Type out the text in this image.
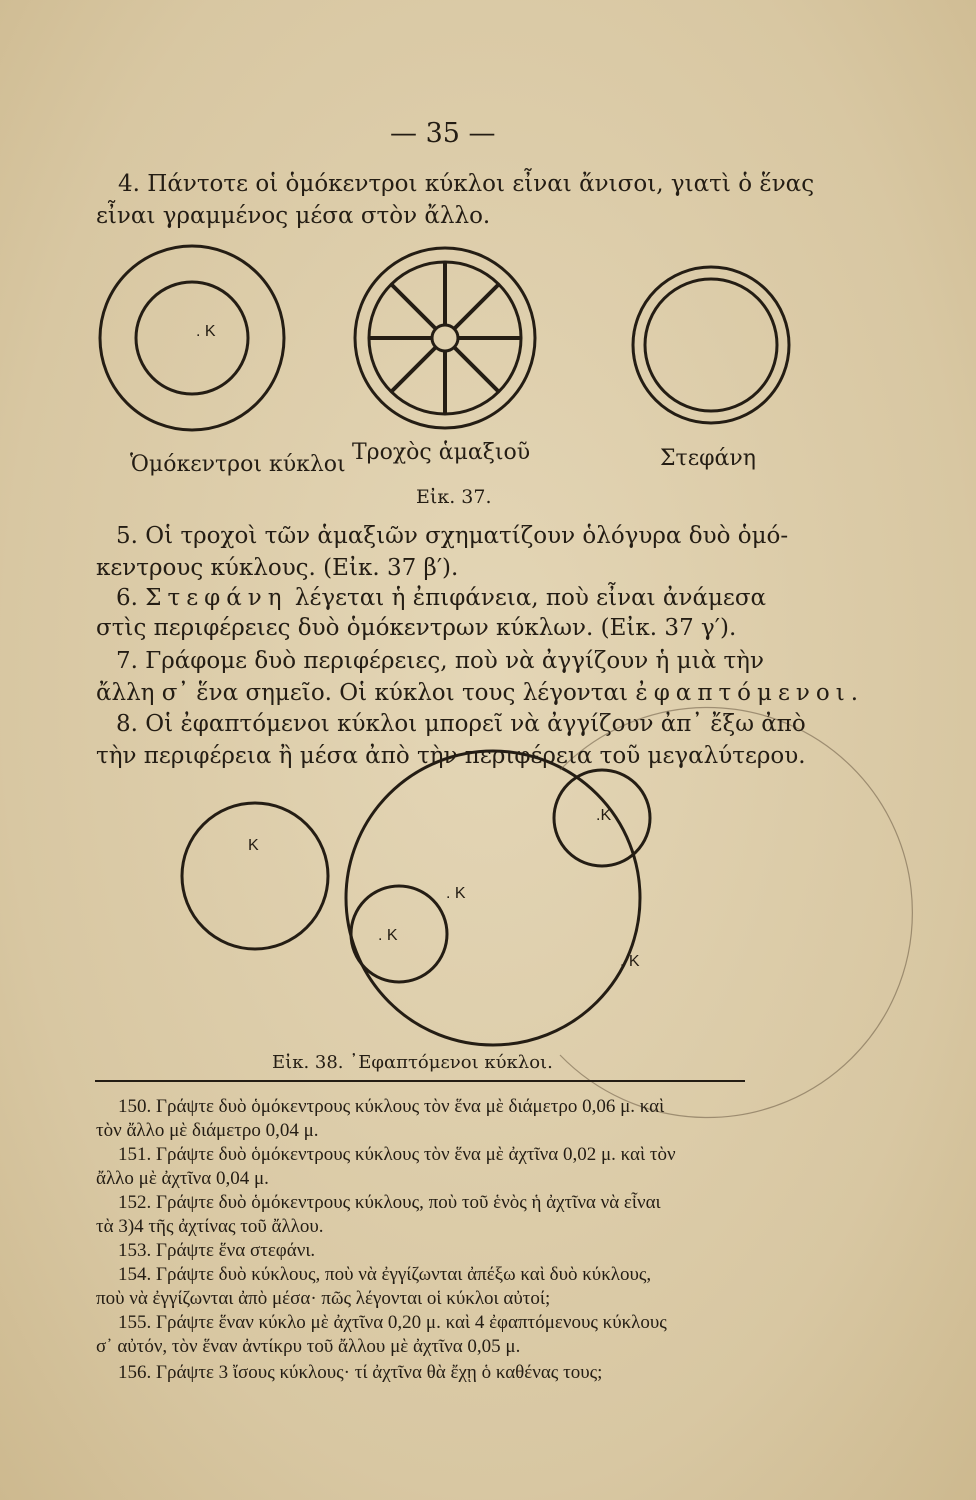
— 35 —
4. Πάντοτε οἱ ὁμόκεντροι κύκλοι εἶναι ἄνισοι, γιατὶ ὁ ἕνας
εἶναι γραμμένος μέσα στὸν ἄλλο.
. K
K
. K
. K
.K
. K
Ὁμόκεντροι κύκλοι Τροχὸς ἁμαξιοῦ	Στεφάνη
Εἰκ. 37.
5. Οἱ τροχοὶ τῶν ἁμαξιῶν σχηματίζουν ὁλόγυρα δυὸ ὁμό-
κεντρους κύκλους. (Εἰκ. 37 β′).
6. Στεφάνη λέγεται ἡ ἐπιφάνεια, ποὺ εἶναι ἀνάμεσα
στὶς περιφέρειες δυὸ ὁμόκεντρων κύκλων. (Εἰκ. 37 γ′).
7. Γράφομε δυὸ περιφέρειες, ποὺ νὰ ἀγγίζουν ἡ μιὰ τὴν
ἄλλη σ᾿ ἕνα σημεῖο. Οἱ κύκλοι τους λέγονται ἐφαπτόμενοι.
8. Οἱ ἐφαπτόμενοι κύκλοι μπορεῖ νὰ ἀγγίζουν ἀπ᾿ ἔξω ἀπὸ
τὴν περιφέρεια ἢ μέσα ἀπὸ τὴν περιφέρεια τοῦ μεγαλύτερου.
Εἰκ. 38. ᾿Εφαπτόμενοι κύκλοι.
150. Γράψτε δυὸ ὁμόκεντρους κύκλους τὸν ἕνα μὲ διάμετρο 0,06 μ. καὶ
τὸν ἄλλο μὲ διάμετρο 0,04 μ.
151. Γράψτε δυὸ ὁμόκεντρους κύκλους τὸν ἕνα μὲ ἀχτῖνα 0,02 μ. καὶ τὸν
ἄλλο μὲ ἀχτῖνα 0,04 μ.
152. Γράψτε δυὸ ὁμόκεντρους κύκλους, ποὺ τοῦ ἑνὸς ἡ ἀχτῖνα νὰ εἶναι
τὰ 3)4 τῆς ἀχτίνας τοῦ ἄλλου.
153. Γράψτε ἕνα στεφάνι.
154. Γράψτε δυὸ κύκλους, ποὺ νὰ ἐγγίζωνται ἀπέξω καὶ δυὸ κύκλους,
ποὺ νὰ ἐγγίζωνται ἀπὸ μέσα· πῶς λέγονται οἱ κύκλοι αὐτοί;
155. Γράψτε ἕναν κύκλο μὲ ἀχτῖνα 0,20 μ. καὶ 4 ἐφαπτόμενους κύκλους
σ᾿ αὐτόν, τὸν ἕναν ἀντίκρυ τοῦ ἄλλου μὲ ἀχτῖνα 0,05 μ.
156. Γράψτε 3 ἴσους κύκλους· τί ἀχτῖνα θὰ ἔχῃ ὁ καθένας τους;
